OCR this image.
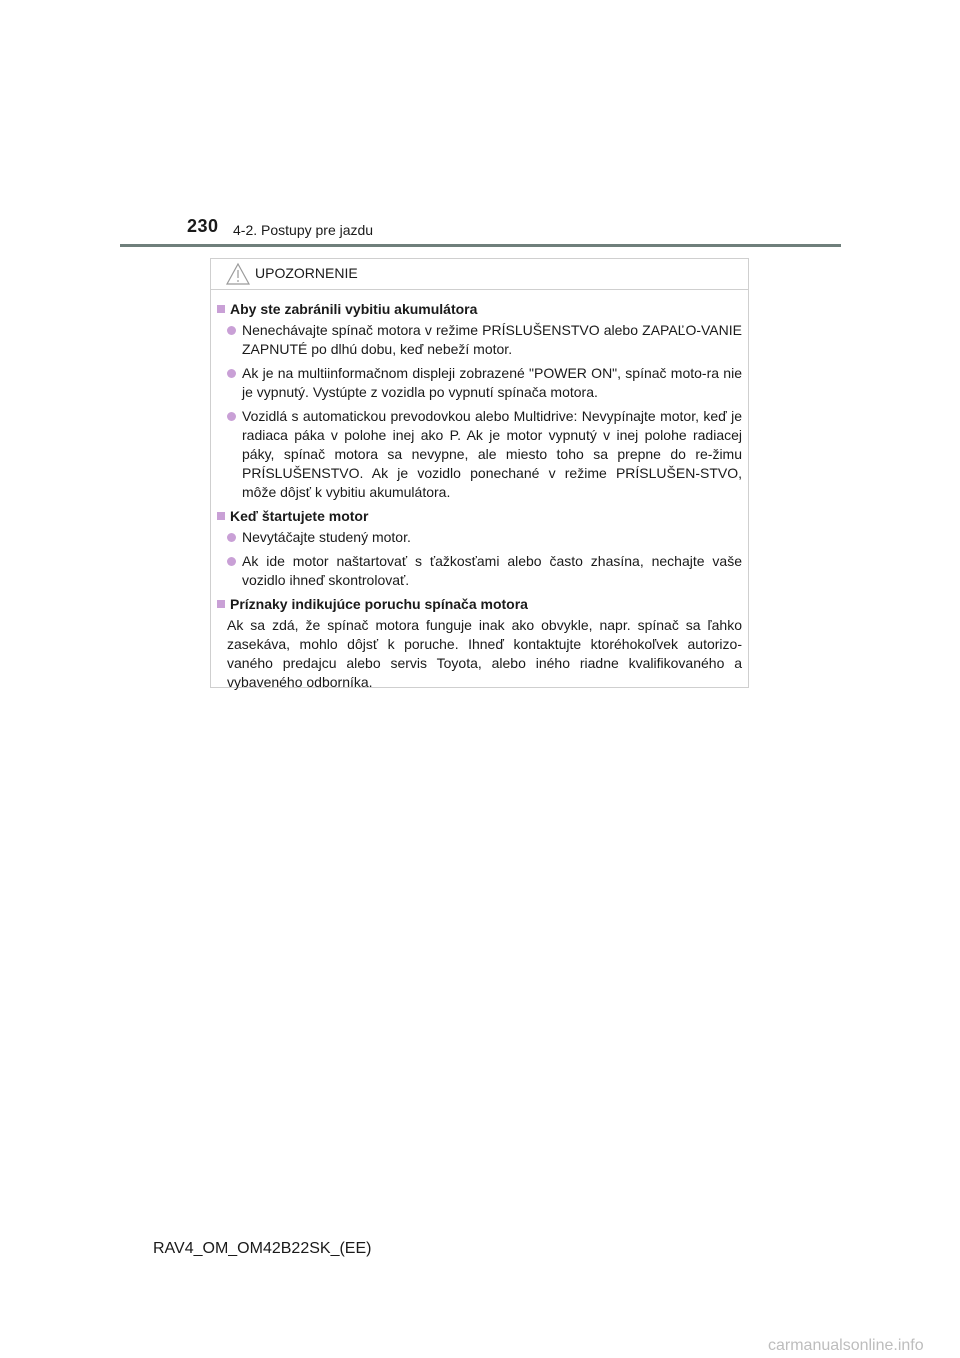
230 4-2. Postupy pre jazdu
UPOZORNENIE
Aby ste zabránili vybitiu akumulátora
Nenechávajte spínač motora v režime PRÍSLUŠENSTVO alebo ZAPAĽO-VANIE ZAPNUTÉ po dlhú dobu, keď nebeží motor.
Ak je na multiinformačnom displeji zobrazené "POWER ON", spínač moto-ra nie je vypnutý. Vystúpte z vozidla po vypnutí spínača motora.
Vozidlá s automatickou prevodovkou alebo Multidrive: Nevypínajte motor, keď je radiaca páka v polohe inej ako P. Ak je motor vypnutý v inej polohe radiacej páky, spínač motora sa nevypne, ale miesto toho sa prepne do re-žimu PRÍSLUŠENSTVO. Ak je vozidlo ponechané v režime PRÍSLUŠEN-STVO, môže dôjsť k vybitiu akumulátora.
Keď štartujete motor
Nevytáčajte studený motor.
Ak ide motor naštartovať s ťažkosťami alebo často zhasína, nechajte vaše vozidlo ihneď skontrolovať.
Príznaky indikujúce poruchu spínača motora
Ak sa zdá, že spínač motora funguje inak ako obvykle, napr. spínač sa ľahko zasekáva, mohlo dôjsť k poruche. Ihneď kontaktujte ktoréhokoľvek autorizo-vaného predajcu alebo servis Toyota, alebo iného riadne kvalifikovaného a vybaveného odborníka.
RAV4_OM_OM42B22SK_(EE)
carmanualsonline.info
